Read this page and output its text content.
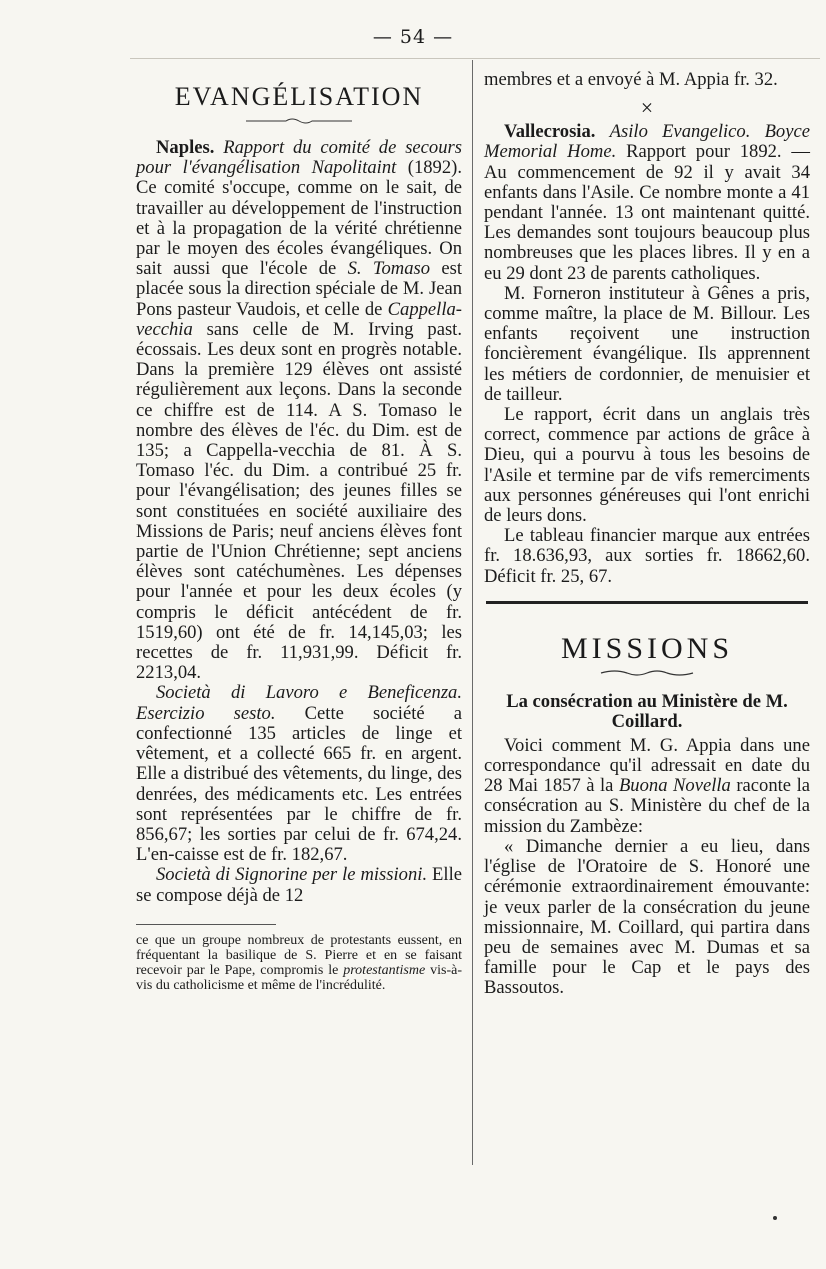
— 54 —
EVANGÉLISATION

Naples. Rapport du comité de secours pour l'évangélisation Napolitaint (1892). Ce comité s'occupe, comme on le sait, de travailler au développement de l'instruction et à la propagation de la vérité chrétienne par le moyen des écoles évangéliques. On sait aussi que l'école de S. Tomaso est placée sous la direction spéciale de M. Jean Pons pasteur Vaudois, et celle de Cappella-vecchia sans celle de M. Irving past. écossais. Les deux sont en progrès notable. Dans la première 129 élèves ont assisté régulièrement aux leçons. Dans la seconde ce chiffre est de 114. A S. Tomaso le nombre des élèves de l'éc. du Dim. est de 135; a Cappella-vecchia de 81. À S. Tomaso l'éc. du Dim. a contribué 25 fr. pour l'évangélisation; des jeunes filles se sont constituées en société auxiliaire des Missions de Paris; neuf anciens élèves font partie de l'Union Chrétienne; sept anciens élèves sont catéchumènes. Les dépenses pour l'année et pour les deux écoles (y compris le déficit antécédent de fr. 1519,60) ont été de fr. 14,145,03; les recettes de fr. 11,931,99. Déficit fr. 2213,04.

Società di Lavoro e Beneficenza. Esercizio sesto. Cette société a confectionné 135 articles de linge et vêtement, et a collecté 665 fr. en argent. Elle a distribué des vêtements, du linge, des denrées, des médicaments etc. Les entrées sont représentées par le chiffre de fr. 856,67; les sorties par celui de fr. 674,24. L'en-caisse est de fr. 182,67.

Società di Signorine per le missioni. Elle se compose déjà de 12

ce que un groupe nombreux de protestants eussent, en fréquentant la basilique de S. Pierre et en se faisant recevoir par le Pape, compromis le protestantisme vis-à-vis du catholicisme et même de l'incrédulité.

membres et a envoyé à M. Appia fr. 32.

×

Vallecrosia. Asilo Evangelico. Boyce Memorial Home. Rapport pour 1892. — Au commencement de 92 il y avait 34 enfants dans l'Asile. Ce nombre monte a 41 pendant l'année. 13 ont maintenant quitté. Les demandes sont toujours beaucoup plus nombreuses que les places libres. Il y en a eu 29 dont 23 de parents catholiques.

M. Forneron instituteur à Gênes a pris, comme maître, la place de M. Billour. Les enfants reçoivent une instruction foncièrement évangélique. Ils apprennent les métiers de cordonnier, de menuisier et de tailleur.

Le rapport, écrit dans un anglais très correct, commence par actions de grâce à Dieu, qui a pourvu à tous les besoins de l'Asile et termine par de vifs remerciments aux personnes généreuses qui l'ont enrichi de leurs dons.

Le tableau financier marque aux entrées fr. 18.636,93, aux sorties fr. 18662,60. Déficit fr. 25, 67.

MISSIONS
La consécration au Ministère de M. Coillard.

Voici comment M. G. Appia dans une correspondance qu'il adressait en date du 28 Mai 1857 à la Buona Novella raconte la consécration au S. Ministère du chef de la mission du Zambèze:

« Dimanche dernier a eu lieu, dans l'église de l'Oratoire de S. Honoré une cérémonie extraordinairement émouvante: je veux parler de la consécration du jeune missionnaire, M. Coillard, qui partira dans peu de semaines avec M. Dumas et sa famille pour le Cap et le pays des Bassoutos.
